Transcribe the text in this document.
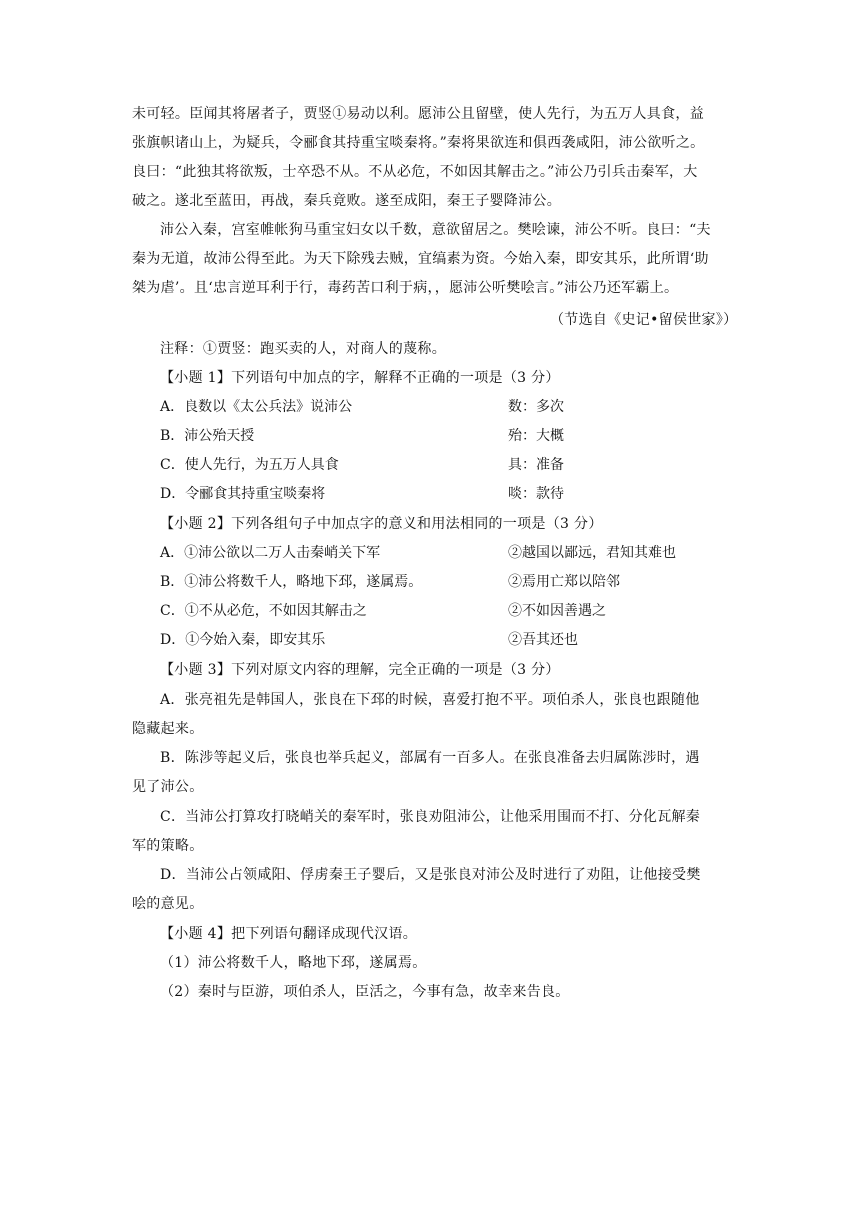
未可轻。臣闻其将屠者子，贾竖①易动以利。愿沛公且留壁，使人先行，为五万人具食，益
张旗帜诸山上，为疑兵，令郦食其持重宝啖秦将。”秦将果欲连和俱西袭咸阳，沛公欲听之。
良曰：“此独其将欲叛，士卒恐不从。不从必危，不如因其解击之。”沛公乃引兵击秦军，大
破之。遂北至蓝田，再战，秦兵竟败。遂至成阳，秦王子婴降沛公。
沛公入秦，宫室帷帐狗马重宝妇女以千数，意欲留居之。樊哙谏，沛公不听。良曰：“夫
秦为无道，故沛公得至此。为天下除残去贼，宜缟素为资。今始入秦，即安其乐，此所谓‘助
桀为虐’。且‘忠言逆耳利于行，毒药苦口利于病，，愿沛公听樊哙言。”沛公乃还军霸上。
（节选自《史记•留侯世家》）
注释：①贾竖：跑买卖的人，对商人的蔑称。
【小题 1】下列语句中加点的字，解释不正确的一项是（3 分）
A．良数以《太公兵法》说沛公	数：多次
B．沛公殆天授	殆：大概
C．使人先行，为五万人具食	具：准备
D．令郦食其持重宝啖秦将	啖：款待
【小题 2】下列各组句子中加点字的意义和用法相同的一项是（3 分）
A．①沛公欲以二万人击秦峭关下军	②越国以鄙远，君知其难也
B．①沛公将数千人，略地下邳，遂属焉。	②焉用亡郑以陪邻
C．①不从必危，不如因其解击之	②不如因善遇之
D．①今始入秦，即安其乐	②吾其还也
【小题 3】下列对原文内容的理解，完全正确的一项是（3 分）
A．张亮祖先是韩国人，张良在下邳的时候，喜爱打抱不平。项伯杀人，张良也跟随他
隐藏起来。
B．陈涉等起义后，张良也举兵起义，部属有一百多人。在张良准备去归属陈涉时，遇
见了沛公。
C．当沛公打算攻打晓峭关的秦军时，张良劝阻沛公，让他采用围而不打、分化瓦解秦
军的策略。
D．当沛公占领咸阳、俘虏秦王子婴后，又是张良对沛公及时进行了劝阻，让他接受樊
哙的意见。
【小题 4】把下列语句翻译成现代汉语。
（1）沛公将数千人，略地下邳，遂属焉。
（2）秦时与臣游，项伯杀人，臣活之，今事有急，故幸来告良。
